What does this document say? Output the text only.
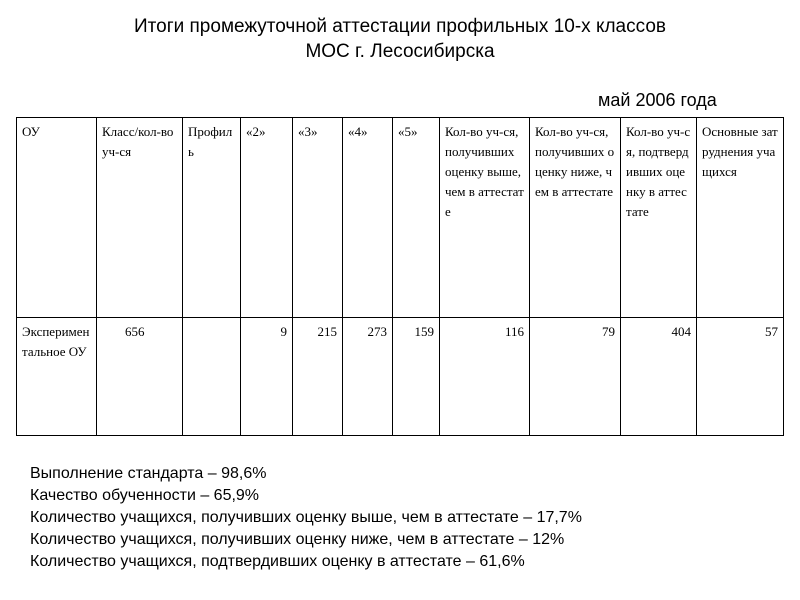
Итоги промежуточной аттестации профильных 10-х классов
МОС г. Лесосибирска
май 2006 года
ОУ	Класс/кол-во уч-ся	Профиль	«2»	«3»	«4»	«5»	Кол-во уч-ся, получивших оценку выше, чем в аттестате	Кол-во уч-ся, получивших оценку ниже, чем в аттестате	Кол-во уч-ся, подтвердивших оценку в аттестате	Основные затруднения учащихся
Экспериментальное ОУ	656		9	215	273	159	116	79	404	57
Выполнение стандарта – 98,6%
Качество обученности – 65,9%
Количество учащихся, получивших оценку выше, чем в аттестате – 17,7%
Количество учащихся, получивших оценку ниже, чем в аттестате – 12%
Количество учащихся, подтвердивших оценку в аттестате – 61,6%
